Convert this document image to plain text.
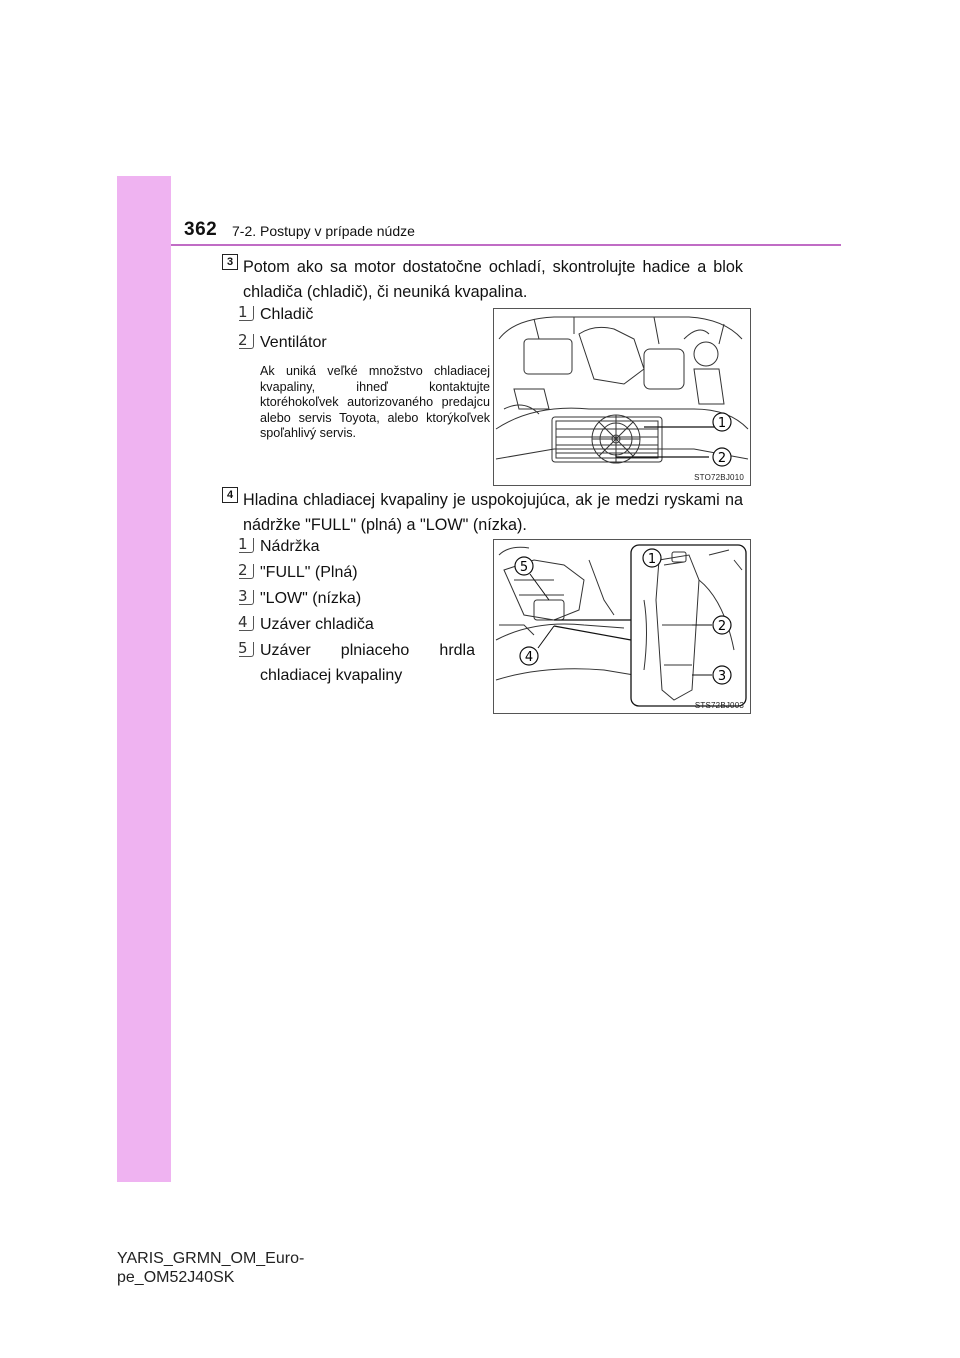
362 7-2. Postupy v prípade núdze
3 Potom ako sa motor dostatočne ochladí, skontrolujte hadice a blok chladiča (chladič), či neuniká kvapalina.
1 Chladič
2 Ventilátor
Ak uniká veľké množstvo chladiacej kvapaliny, ihneď kontaktujte ktoréhokoľvek autorizovaného predajcu alebo servis Toyota, alebo ktorýkoľvek spoľahlivý servis.
1
2
STO72BJ010
4 Hladina chladiacej kvapaliny je uspokojujúca, ak je medzi ryskami na nádržke "FULL" (plná) a "LOW" (nízka).
1 Nádržka
2 "FULL" (Plná)
3 "LOW" (nízka)
4 Uzáver chladiča
5 Uzáver plniaceho hrdla chladiacej kvapaliny
1
2
3
4
5
STS72BJ003
YARIS_GRMN_OM_Euro-
pe_OM52J40SK
